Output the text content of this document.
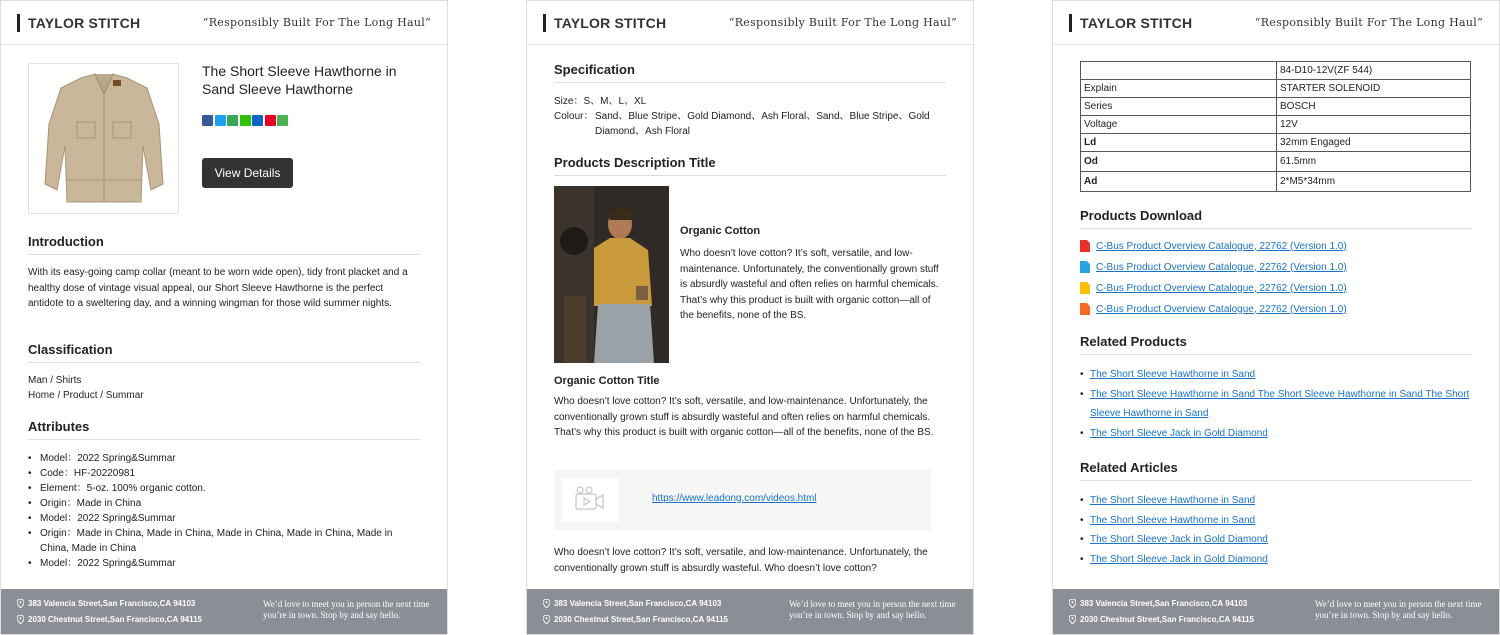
TAYLOR STITCH	“Responsibly Built For The Long Haul”
The Short Sleeve Hawthorne in Sand Sleeve Hawthorne
View Details
Introduction
With its easy-going camp collar (meant to be worn wide open), tidy front placket and a healthy dose of vintage visual appeal, our Short Sleeve Hawthorne is the perfect antidote to a sweltering day, and a winning wingman for those wild summer nights.
Classification
Man / Shirts
Home / Product / Summar
Attributes
• Model：2022 Spring&Summar
• Code：HF-20220981
• Element：5-oz. 100% organic cotton.
• Origin：Made in China
• Model：2022 Spring&Summar
• Origin：Made in China, Made in China, Made in China, Made in China, Made in China, Made in China
• Model：2022 Spring&Summar
383 Valencia Street,San Francisco,CA 94103
2030 Chestnut Street,San Francisco,CA 94115
We’d love to meet you in person the next time you’re in town. Stop by and say hello.
TAYLOR STITCH	“Responsibly Built For The Long Haul”
Specification
Size：S、M、L、XL
Colour： Sand、Blue Stripe、Gold Diamond、Ash Floral、Sand、Blue Stripe、Gold Diamond、Ash Floral
Products Description Title
Organic Cotton
Who doesn’t love cotton? It’s soft, versatile, and low-maintenance. Unfortunately, the conventionally grown stuff is absurdly wasteful and often relies on harmful chemicals. That’s why this product is built with organic cotton—all of the benefits, none of the BS.
Organic Cotton Title
Who doesn’t love cotton? It’s soft, versatile, and low-maintenance. Unfortunately, the conventionally grown stuff is absurdly wasteful and often relies on harmful chemicals. That’s why this product is built with organic cotton—all of the benefits, none of the BS.
https://www.leadong.com/videos.html
Who doesn’t love cotton? It’s soft, versatile, and low-maintenance. Unfortunately, the conventionally grown stuff is absurdly wasteful. Who doesn’t love cotton?
383 Valencia Street,San Francisco,CA 94103
2030 Chestnut Street,San Francisco,CA 94115
We’d love to meet you in person the next time you’re in town. Stop by and say hello.
TAYLOR STITCH	“Responsibly Built For The Long Haul”
	84-D10-12V(ZF 544)
Explain	STARTER SOLENOID
Series	BOSCH
Voltage	12V
Ld	32mm Engaged
Od	61.5mm
Ad	2*M5*34mm
Products Download
C-Bus Product Overview Catalogue, 22762 (Version 1.0)
C-Bus Product Overview Catalogue, 22762 (Version 1.0)
C-Bus Product Overview Catalogue, 22762 (Version 1.0)
C-Bus Product Overview Catalogue, 22762 (Version 1.0)
Related Products
• The Short Sleeve Hawthorne in Sand
• The Short Sleeve Hawthorne in Sand The Short Sleeve Hawthorne in Sand The Short Sleeve Hawthorne in Sand
• The Short Sleeve Jack in Gold Diamond
Related Articles
• The Short Sleeve Hawthorne in Sand
• The Short Sleeve Hawthorne in Sand
• The Short Sleeve Jack in Gold Diamond
• The Short Sleeve Jack in Gold Diamond
383 Valencia Street,San Francisco,CA 94103
2030 Chestnut Street,San Francisco,CA 94115
We’d love to meet you in person the next time you’re in town. Stop by and say hello.
